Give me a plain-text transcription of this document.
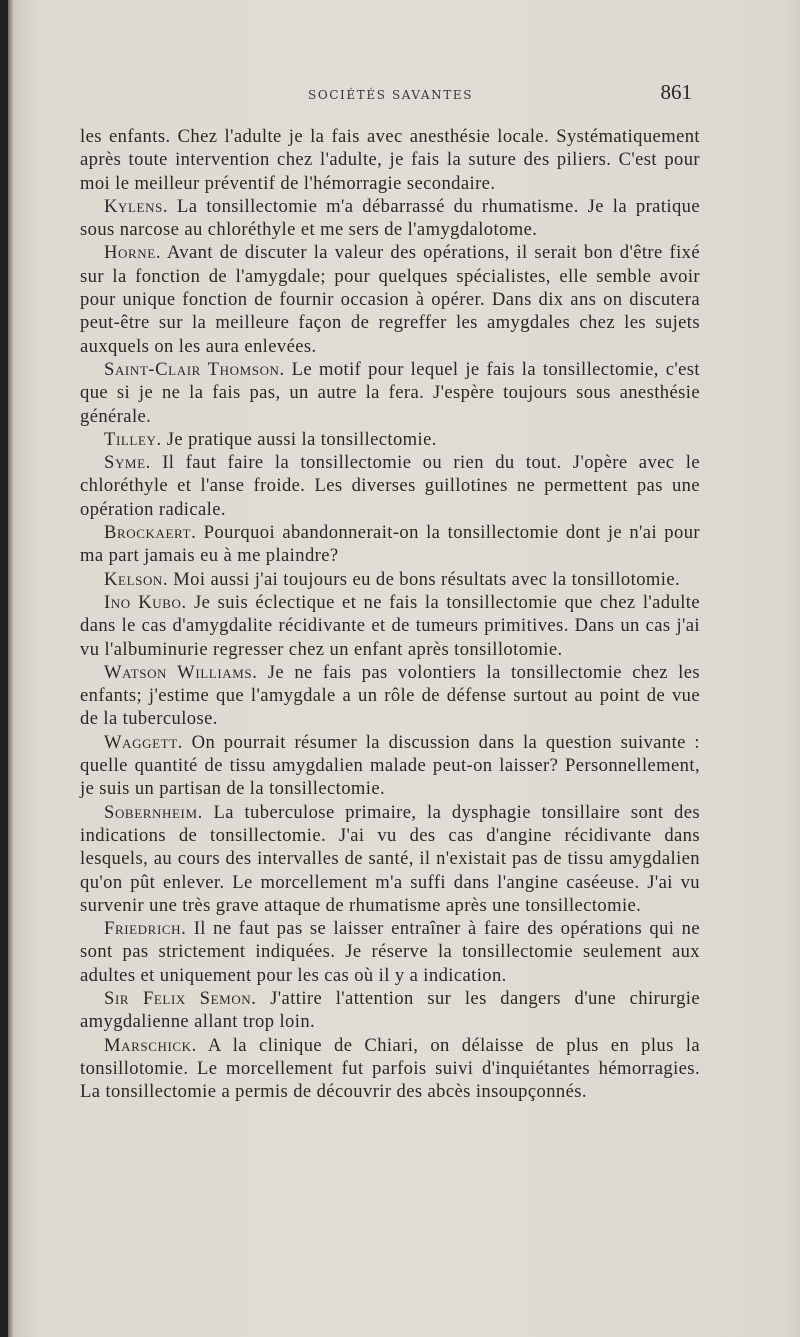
SOCIÉTÉS SAVANTES	861

les enfants. Chez l'adulte je la fais avec anesthésie locale. Systématiquement après toute intervention chez l'adulte, je fais la suture des piliers. C'est pour moi le meilleur préventif de l'hémorragie secondaire.

Kylens. La tonsillectomie m'a débarrassé du rhumatisme. Je la pratique sous narcose au chloréthyle et me sers de l'amygdalotome.

Horne. Avant de discuter la valeur des opérations, il serait bon d'être fixé sur la fonction de l'amygdale; pour quelques spécialistes, elle semble avoir pour unique fonction de fournir occasion à opérer. Dans dix ans on discutera peut-être sur la meilleure façon de regreffer les amygdales chez les sujets auxquels on les aura enlevées.

Saint-Clair Thomson. Le motif pour lequel je fais la tonsillectomie, c'est que si je ne la fais pas, un autre la fera. J'espère toujours sous anesthésie générale.

Tilley. Je pratique aussi la tonsillectomie.

Syme. Il faut faire la tonsillectomie ou rien du tout. J'opère avec le chloréthyle et l'anse froide. Les diverses guillotines ne permettent pas une opération radicale.

Brockaert. Pourquoi abandonnerait-on la tonsillectomie dont je n'ai pour ma part jamais eu à me plaindre?

Kelson. Moi aussi j'ai toujours eu de bons résultats avec la tonsillotomie.

Ino Kubo. Je suis éclectique et ne fais la tonsillectomie que chez l'adulte dans le cas d'amygdalite récidivante et de tumeurs primitives. Dans un cas j'ai vu l'albuminurie regresser chez un enfant après tonsillotomie.

Watson Williams. Je ne fais pas volontiers la tonsillectomie chez les enfants; j'estime que l'amygdale a un rôle de défense surtout au point de vue de la tuberculose.

Waggett. On pourrait résumer la discussion dans la question suivante : quelle quantité de tissu amygdalien malade peut-on laisser? Personnellement, je suis un partisan de la tonsillectomie.

Sobernheim. La tuberculose primaire, la dysphagie tonsillaire sont des indications de tonsillectomie. J'ai vu des cas d'angine récidivante dans lesquels, au cours des intervalles de santé, il n'existait pas de tissu amygdalien qu'on pût enlever. Le morcellement m'a suffi dans l'angine caséeuse. J'ai vu survenir une très grave attaque de rhumatisme après une tonsillectomie.

Friedrich. Il ne faut pas se laisser entraîner à faire des opérations qui ne sont pas strictement indiquées. Je réserve la tonsillectomie seulement aux adultes et uniquement pour les cas où il y a indication.

Sir Felix Semon. J'attire l'attention sur les dangers d'une chirurgie amygdalienne allant trop loin.

Marschick. A la clinique de Chiari, on délaisse de plus en plus la tonsillotomie. Le morcellement fut parfois suivi d'inquiétantes hémorragies. La tonsillectomie a permis de découvrir des abcès insoupçonnés.
